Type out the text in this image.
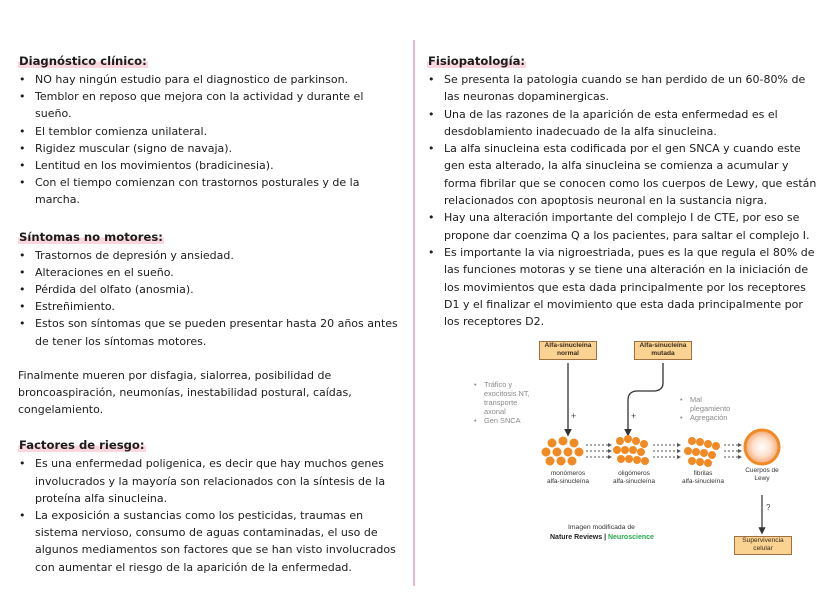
Diagnóstico clínico:
• NO hay ningún estudio para el diagnostico de parkinson.
• Temblor en reposo que mejora con la actividad y durante el sueño.
• El temblor comienza unilateral.
• Rigidez muscular (signo de navaja).
• Lentitud en los movimientos (bradicinesia).
• Con el tiempo comienzan con trastornos posturales y de la marcha.
Síntomas no motores:
• Trastornos de depresión y ansiedad.
• Alteraciones en el sueño.
• Pérdida del olfato (anosmia).
• Estreñimiento.
• Estos son síntomas que se pueden presentar hasta 20 años antes de tener los síntomas motores.

Finalmente mueren por disfagia, sialorrea, posibilidad de broncoaspiración, neumonías, inestabilidad postural, caídas, congelamiento.

Factores de riesgo:
• Es una enfermedad poligenica, es decir que hay muchos genes involucrados y la mayoría son relacionados con la síntesis de la proteína alfa sinucleina.
• La exposición a sustancias como los pesticidas, traumas en sistema nervioso, consumo de aguas contaminadas, el uso de algunos mediamentos son factores que se han visto involucrados con aumentar el riesgo de la aparición de la enfermedad.
Fisiopatología:
• Se presenta la patologia cuando se han perdido de un 60-80% de las neuronas dopaminergicas.
• Una de las razones de la aparición de esta enfermedad es el desdoblamiento inadecuado de la alfa sinucleina.
• La alfa sinucleina esta codificada por el gen SNCA y cuando este gen esta alterado, la alfa sinucleina se comienza a acumular y forma fibrilar que se conocen como los cuerpos de Lewy, que están relacionados con apoptosis neuronal en la sustancia nigra.
• Hay una alteración importante del complejo I de CTE, por eso se propone dar coenzima Q a los pacientes, para saltar el complejo I.
• Es importante la via nigroestriada, pues es la que regula el 80% de las funciones motoras y se tiene una alteración en la iniciación de los movimientos que esta dada principalmente por los receptores D1 y el finalizar el movimiento que esta dada principalmente por los receptores D2.
Alfa-sinucleína
normal
Alfa-sinucleína
mutada
• Tráfico y
exocitosis NT,
transporte
axonal
• Gen SNCA
• Mal
plegamiento
• Agregación
+	+
monómeros
alfa-sinucleína
oligómeros
alfa-sinucleína
fibrilas
alfa-sinucleína
Cuerpos de
Lewy
?
Supervivencia
celular
Imagen modificada de
Nature Reviews | Neuroscience
